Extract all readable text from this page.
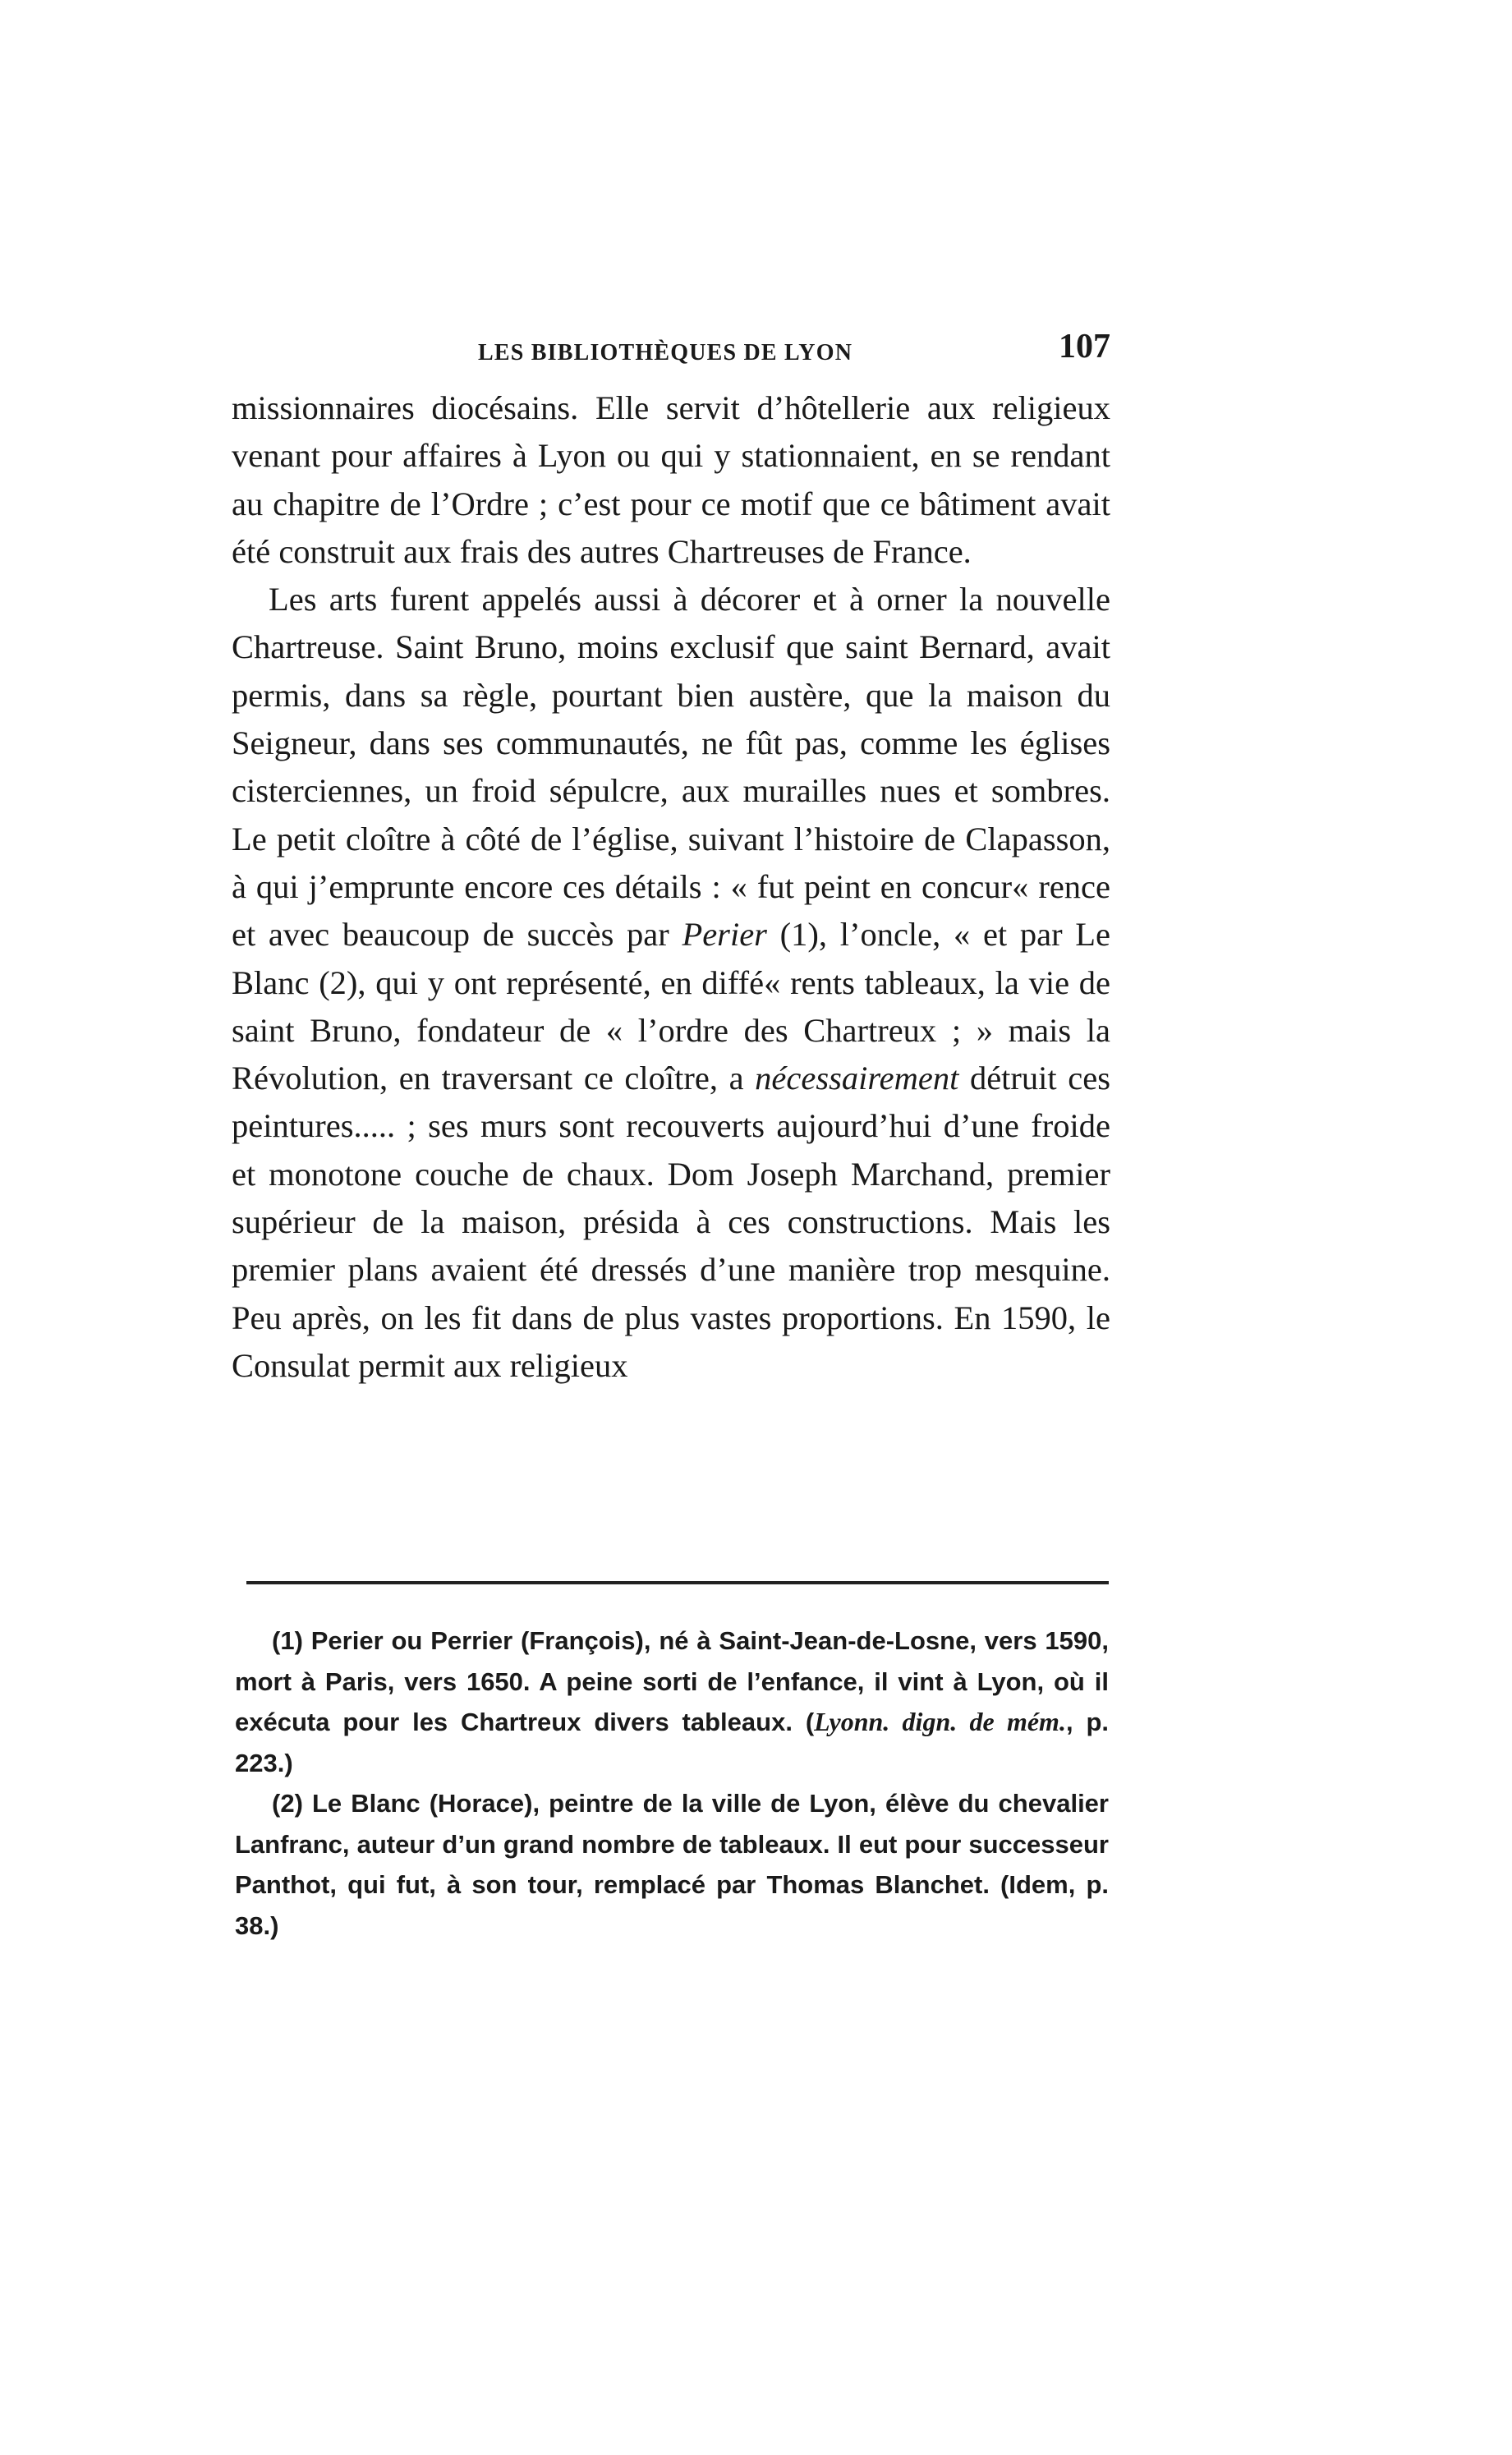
LES BIBLIOTHÈQUES DE LYON	107

missionnaires diocésains. Elle servit d’hôtellerie aux religieux venant pour affaires à Lyon ou qui y stationnaient, en se rendant au chapitre de l’Ordre ; c’est pour ce motif que ce bâtiment avait été construit aux frais des autres Chartreuses de France.

Les arts furent appelés aussi à décorer et à orner la nouvelle Chartreuse. Saint Bruno, moins exclusif que saint Bernard, avait permis, dans sa règle, pourtant bien austère, que la maison du Seigneur, dans ses communautés, ne fût pas, comme les églises cisterciennes, un froid sépulcre, aux murailles nues et sombres. Le petit cloître à côté de l’église, suivant l’histoire de Clapasson, à qui j’emprunte encore ces détails : « fut peint en concur« rence et avec beaucoup de succès par Perier (1), l’oncle, « et par Le Blanc (2), qui y ont représenté, en diffé« rents tableaux, la vie de saint Bruno, fondateur de « l’ordre des Chartreux ; » mais la Révolution, en traversant ce cloître, a nécessairement détruit ces peintures..... ; ses murs sont recouverts aujourd’hui d’une froide et monotone couche de chaux. Dom Joseph Marchand, premier supérieur de la maison, présida à ces constructions. Mais les premier plans avaient été dressés d’une manière trop mesquine. Peu après, on les fit dans de plus vastes proportions. En 1590, le Consulat permit aux religieux

(1) Perier ou Perrier (François), né à Saint-Jean-de-Losne, vers 1590, mort à Paris, vers 1650. A peine sorti de l’enfance, il vint à Lyon, où il exécuta pour les Chartreux divers tableaux. (Lyonn. dign. de mém., p. 223.)

(2) Le Blanc (Horace), peintre de la ville de Lyon, élève du chevalier Lanfranc, auteur d’un grand nombre de tableaux. Il eut pour successeur Panthot, qui fut, à son tour, remplacé par Thomas Blanchet. (Idem, p. 38.)
